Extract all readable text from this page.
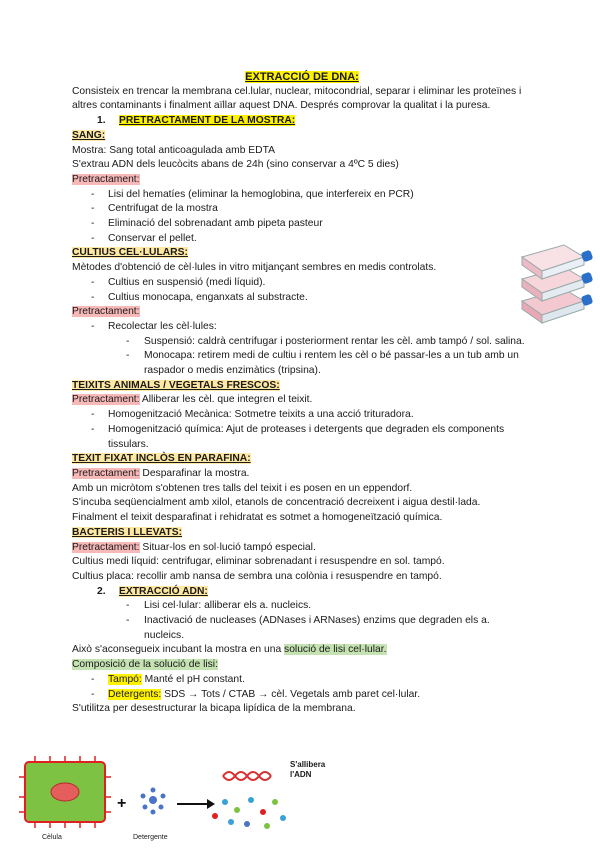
EXTRACCIÓ DE DNA:

Consisteix en trencar la membrana cel.lular, nuclear, mitocondrial, separar i eliminar les proteïnes i altres contaminants i finalment aïllar aquest DNA. Després comprovar la qualitat i la puresa.

1. PRETRACTAMENT DE LA MOSTRA:
SANG:
Mostra: Sang total anticoagulada amb EDTA
S'extrau ADN dels leucòcits abans de 24h (sino conservar a 4ºC 5 dies)
Pretractament:
- Lisi del hematíes (eliminar la hemoglobina, que interfereix en PCR)
- Centrifugat de la mostra
- Eliminació del sobrenadant amb pipeta pasteur
- Conservar el pellet.
CULTIUS CEL·LULARS:
Mètodes d'obtenció de cèl·lules in vitro mitjançant sembres en medis controlats.
- Cultius en suspensió (medi líquid).
- Cultius monocapa, enganxats al substracte.
Pretractament:
- Recolectar les cèl·lules:
- Suspensió: caldrà centrifugar i posteriorment rentar les cèl. amb tampó / sol. salina.
- Monocapa: retirem medi de cultiu i rentem les cèl o bé passar-les a un tub amb un raspador o medis enzimàtics (tripsina).
TEIXITS ANIMALS / VEGETALS FRESCOS:
Pretractament: Alliberar les cèl. que integren el teixit.
- Homogenització Mecànica: Sotmetre teixits a una acció trituradora.
- Homogenització química: Ajut de proteases i detergents que degraden els components tissulars.
TEXIT FIXAT INCLÒS EN PARAFINA:
Pretractament: Desparafinar la mostra.
Amb un micròtom s'obtenen tres talls del teixit i es posen en un eppendorf.
S'incuba seqüencialment amb xilol, etanols de concentració decreixent i aigua destil·lada.
Finalment el teixit desparafinat i rehidratat es sotmet a homogeneïtzació química.
BACTERIS I LLEVATS:
Pretractament: Situar-los en sol·lució tampó especial.
Cultius medi líquid: centrifugar, eliminar sobrenadant i resuspendre en sol. tampó.
Cultius placa: recollir amb nansa de sembra una colònia i resuspendre en tampó.
2. EXTRACCIÓ ADN:
- Lisi cel·lular: alliberar els a. nucleics.
- Inactivació de nucleases (ADNases i ARNases) enzims que degraden els a. nucleics.
Això s'aconsegueix incubant la mostra en una solució de lisi cel·lular.
Composició de la solució de lisi:
- Tampó: Manté el pH constant.
- Detergents: SDS → Tots / CTAB → cèl. Vegetals amb paret cel·lular.
S'utilitza per desestructurar la bicapa lipídica de la membrana.
+
Cèlula	Detergente
S'allibera
l'ADN
